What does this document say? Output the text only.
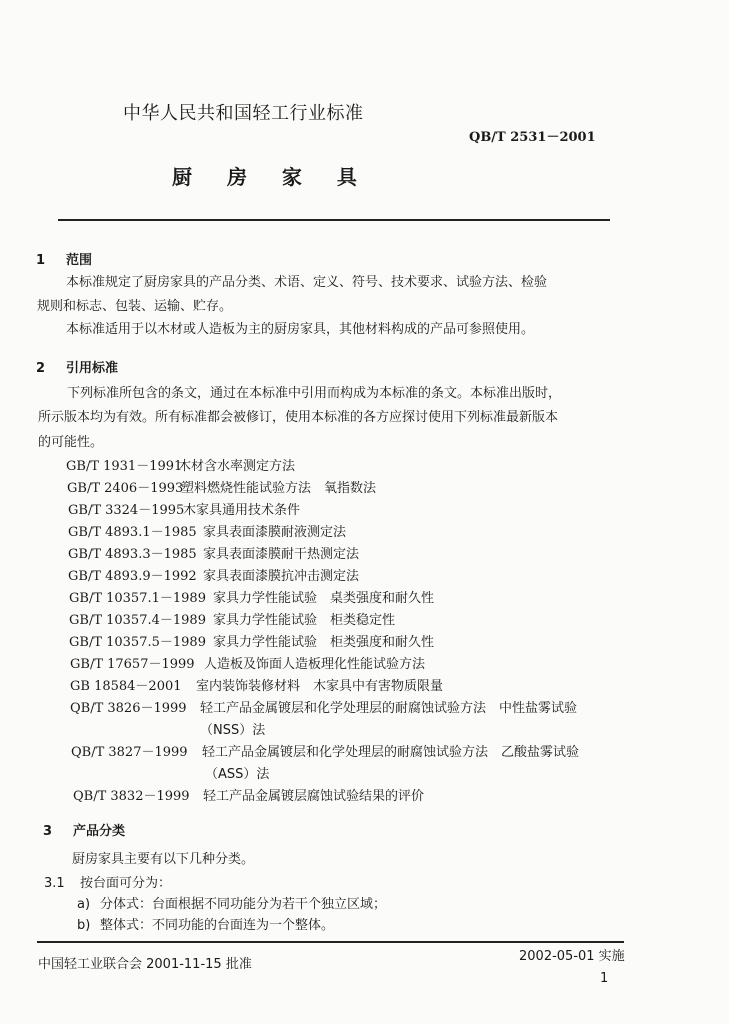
中华人民共和国轻工行业标准
QB/T 2531－2001
厨 房 家 具
1 范围
本标准规定了厨房家具的产品分类、术语、定义、符号、技术要求、试验方法、检验
规则和标志、包装、运输、贮存。
本标准适用于以木材或人造板为主的厨房家具，其他材料构成的产品可参照使用。
2 引用标准
下列标准所包含的条文，通过在本标准中引用而构成为本标准的条文。本标准出版时，
所示版本均为有效。所有标准都会被修订，使用本标准的各方应探讨使用下列标准最新版本
的可能性。
GB/T 1931－1991木材含水率测定方法
GB/T 2406－1993塑料燃烧性能试验方法　氧指数法
GB/T 3324－1995木家具通用技术条件
GB/T 4893.1－1985 家具表面漆膜耐液测定法
GB/T 4893.3－1985 家具表面漆膜耐干热测定法
GB/T 4893.9－1992 家具表面漆膜抗冲击测定法
GB/T 10357.1－1989 家具力学性能试验　桌类强度和耐久性
GB/T 10357.4－1989 家具力学性能试验　柜类稳定性
GB/T 10357.5－1989 家具力学性能试验　柜类强度和耐久性
GB/T 17657－1999 人造板及饰面人造板理化性能试验方法
GB 18584－2001 室内装饰装修材料　木家具中有害物质限量
QB/T 3826－1999 轻工产品金属镀层和化学处理层的耐腐蚀试验方法　中性盐雾试验
（NSS）法
QB/T 3827－1999 轻工产品金属镀层和化学处理层的耐腐蚀试验方法　乙酸盐雾试验
（ASS）法
QB/T 3832－1999 轻工产品金属镀层腐蚀试验结果的评价
3 产品分类
厨房家具主要有以下几种分类。
3.1 按台面可分为：
a) 分体式：台面根据不同功能分为若干个独立区域；
b) 整体式：不同功能的台面连为一个整体。
中国轻工业联合会 2001-11-15 批准
2002-05-01 实施
1
